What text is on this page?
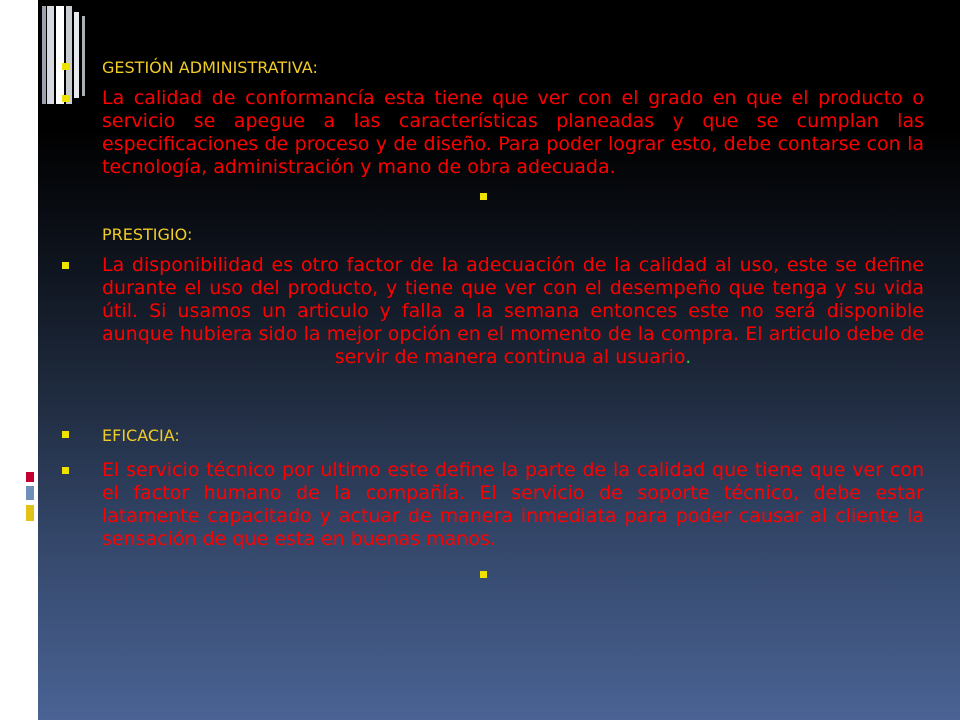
GESTIÓN ADMINISTRATIVA:
La calidad de conformancía esta tiene que ver con el grado en que el producto o servicio se apegue a las características planeadas y que se cumplan las especificaciones de proceso y de diseño. Para poder lograr esto, debe contarse con la tecnología, administración y mano de obra adecuada.
PRESTIGIO:
La disponibilidad es otro factor de la adecuación de la calidad al uso, este se define durante el uso del producto, y tiene que ver con el desempeño que tenga y su vida útil. Si usamos un articulo y falla a la semana entonces este no será disponible aunque hubiera sido la mejor opción en el momento de la compra. El articulo debe de servir de manera continua al usuario.
EFICACIA:
El servicio técnico por ultimo este define la parte de la calidad que tiene que ver con el factor humano de la compañía. El servicio de soporte técnico, debe estar latamente capacitado y actuar de manera inmediata para poder causar al cliente la sensación de que esta en buenas manos.
